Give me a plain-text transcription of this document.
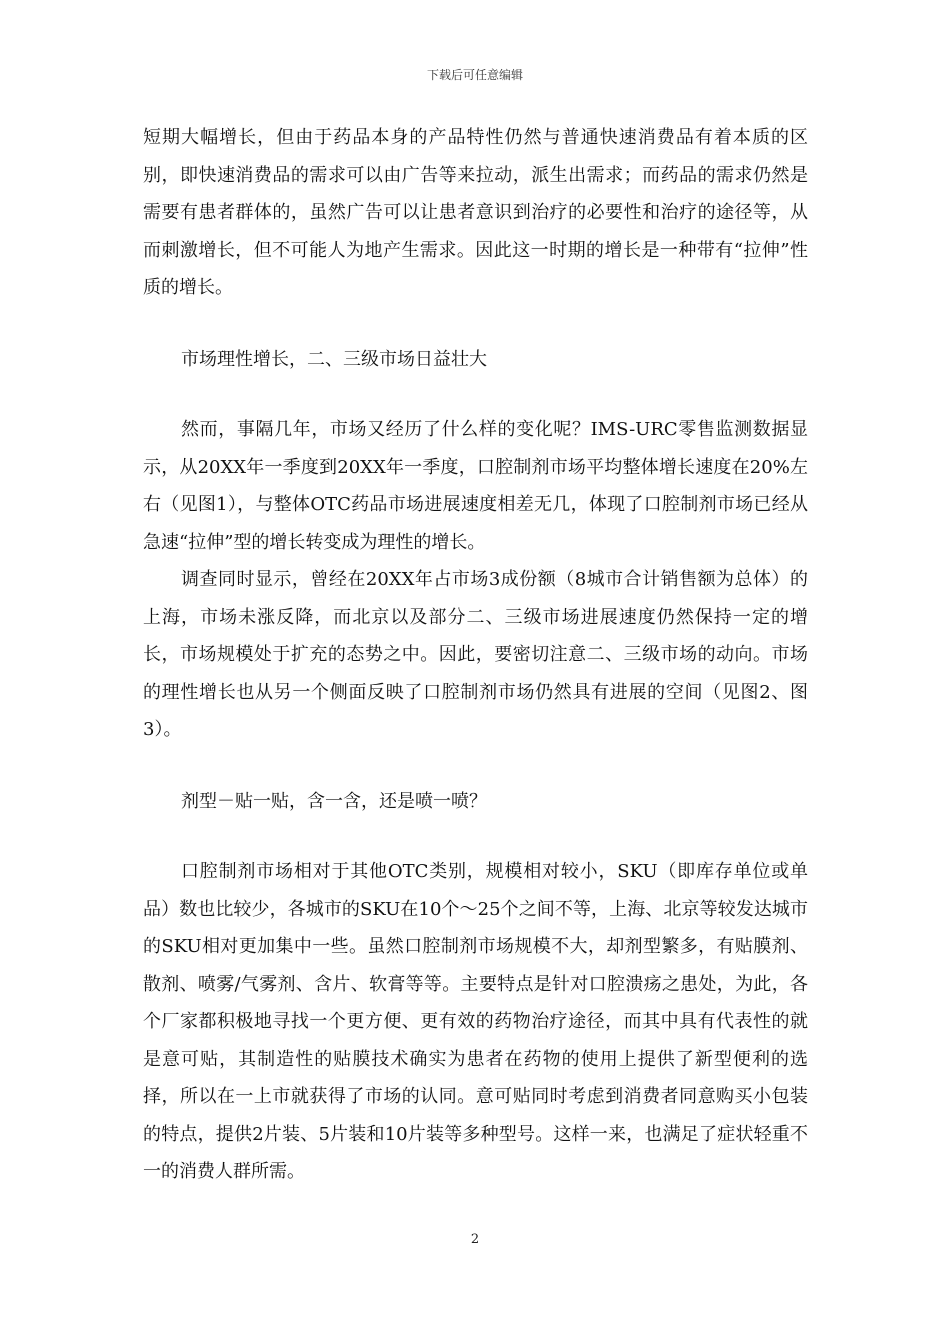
下载后可任意编辑

短期大幅增长，但由于药品本身的产品特性仍然与普通快速消费品有着本质的区别，即快速消费品的需求可以由广告等来拉动，派生出需求；而药品的需求仍然是需要有患者群体的，虽然广告可以让患者意识到治疗的必要性和治疗的途径等，从而刺激增长，但不可能人为地产生需求。因此这一时期的增长是一种带有“拉伸”性质的增长。

市场理性增长，二、三级市场日益壮大

然而，事隔几年，市场又经历了什么样的变化呢？IMS-URC零售监测数据显示，从20XX年一季度到20XX年一季度，口腔制剂市场平均整体增长速度在20%左右（见图1），与整体OTC药品市场进展速度相差无几，体现了口腔制剂市场已经从急速“拉伸”型的增长转变成为理性的增长。

调查同时显示，曾经在20XX年占市场3成份额（8城市合计销售额为总体）的上海，市场未涨反降，而北京以及部分二、三级市场进展速度仍然保持一定的增长，市场规模处于扩充的态势之中。因此，要密切注意二、三级市场的动向。市场的理性增长也从另一个侧面反映了口腔制剂市场仍然具有进展的空间（见图2、图3）。

剂型－贴一贴，含一含，还是喷一喷？

口腔制剂市场相对于其他OTC类别，规模相对较小，SKU（即库存单位或单品）数也比较少，各城市的SKU在10个～25个之间不等，上海、北京等较发达城市的SKU相对更加集中一些。虽然口腔制剂市场规模不大，却剂型繁多，有贴膜剂、散剂、喷雾/气雾剂、含片、软膏等等。主要特点是针对口腔溃疡之患处，为此，各个厂家都积极地寻找一个更方便、更有效的药物治疗途径，而其中具有代表性的就是意可贴，其制造性的贴膜技术确实为患者在药物的使用上提供了新型便利的选择，所以在一上市就获得了市场的认同。意可贴同时考虑到消费者同意购买小包装的特点，提供2片装、5片装和10片装等多种型号。这样一来，也满足了症状轻重不一的消费人群所需。

2
